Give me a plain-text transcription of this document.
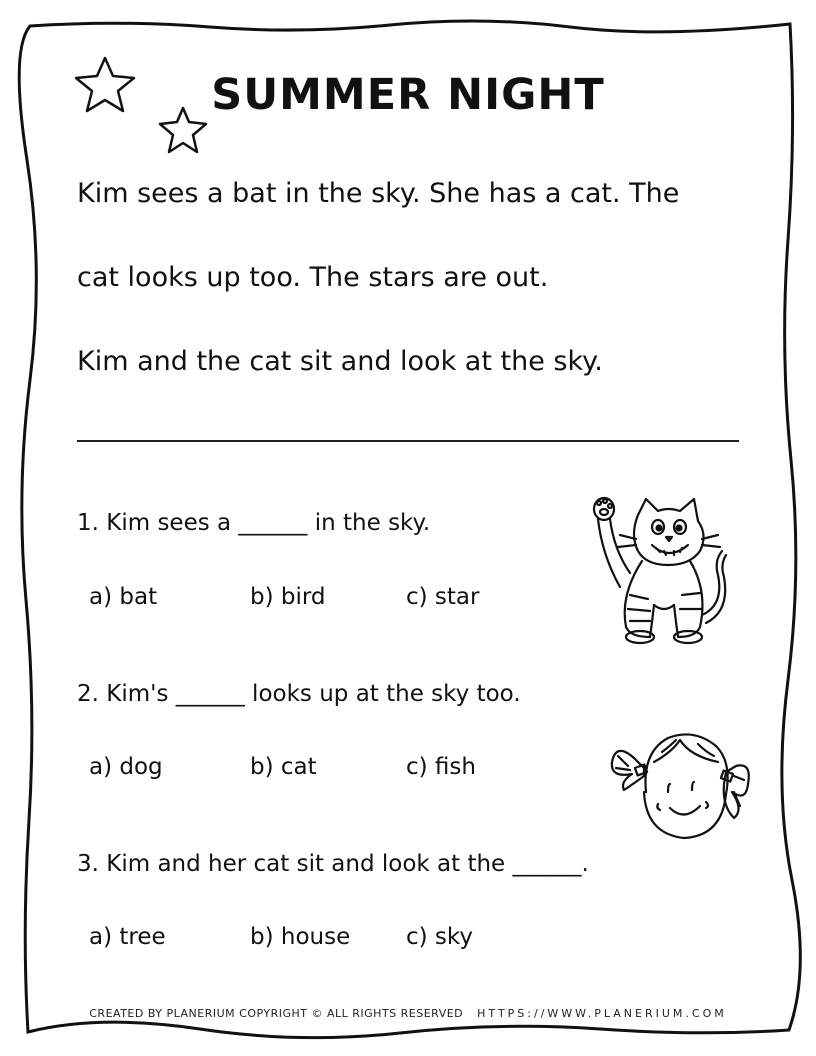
SUMMER NIGHT
Kim sees a bat in the sky. She has a cat. The
cat looks up too. The stars are out.
Kim and the cat sit and look at the sky.
1. Kim sees a ______ in the sky.
a) bat	b) bird	c) star
2. Kim's ______ looks up at the sky too.
a) dog	b) cat	c) fish
3. Kim and her cat sit and look at the ______.
a) tree	b) house c) sky
CREATED BY PLANERIUM COPYRIGHT © ALL RIGHTS RESERVED HTTPS://WWW.PLANERIUM.COM
